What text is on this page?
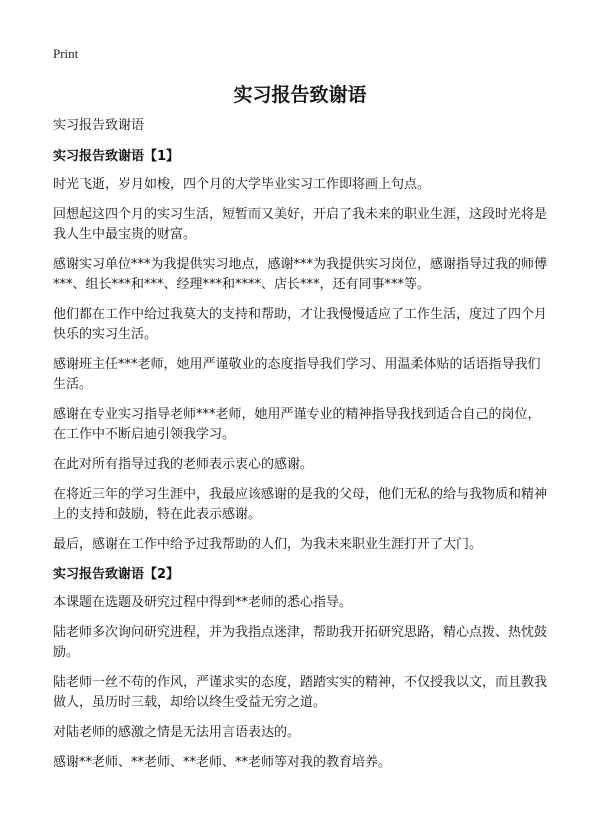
Print
实习报告致谢语

实习报告致谢语

实习报告致谢语【1】

时光飞逝，岁月如梭，四个月的大学毕业实习工作即将画上句点。

回想起这四个月的实习生活，短暂而又美好，开启了我未来的职业生涯，这段时光将是我人生中最宝贵的财富。

感谢实习单位***为我提供实习地点，感谢***为我提供实习岗位，感谢指导过我的师傅***、组长***和***、经理***和****、店长***，还有同事***等。

他们都在工作中给过我莫大的支持和帮助，才让我慢慢适应了工作生活，度过了四个月快乐的实习生活。

感谢班主任***老师，她用严谨敬业的态度指导我们学习、用温柔体贴的话语指导我们生活。

感谢在专业实习指导老师***老师，她用严谨专业的精神指导我找到适合自己的岗位，在工作中不断启迪引领我学习。

在此对所有指导过我的老师表示衷心的感谢。

在将近三年的学习生涯中，我最应该感谢的是我的父母，他们无私的给与我物质和精神上的支持和鼓励，特在此表示感谢。

最后，感谢在工作中给予过我帮助的人们，为我未来职业生涯打开了大门。

实习报告致谢语【2】

本课题在选题及研究过程中得到**老师的悉心指导。

陆老师多次询问研究进程，并为我指点迷津，帮助我开拓研究思路，精心点拨、热忱鼓励。

陆老师一丝不苟的作风，严谨求实的态度，踏踏实实的精神，不仅授我以文，而且教我做人，虽历时三载，却给以终生受益无穷之道。

对陆老师的感激之情是无法用言语表达的。

感谢**老师、**老师、**老师、**老师等对我的教育培养。
